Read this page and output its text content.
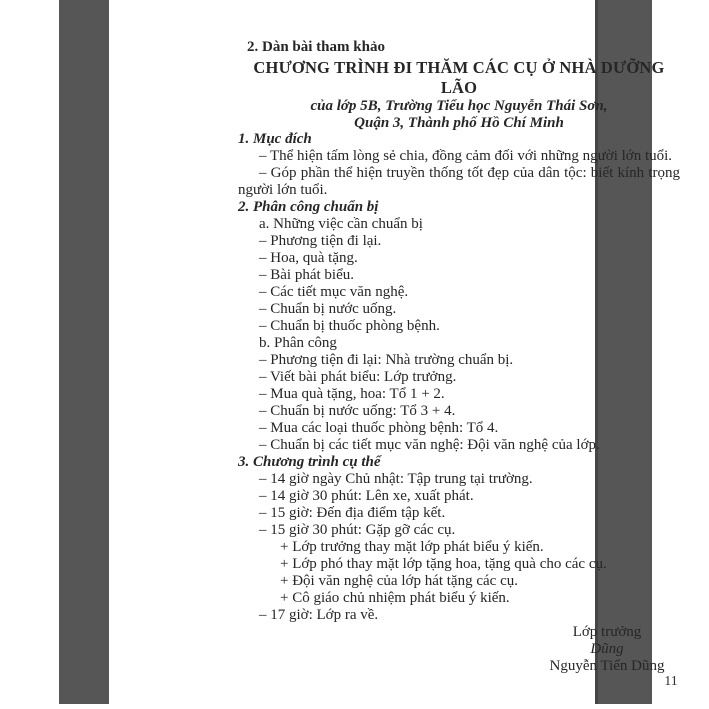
2. Dàn bài tham khảo
CHƯƠNG TRÌNH ĐI THĂM CÁC CỤ Ở NHÀ DƯỠNG LÃO
của lớp 5B, Trường Tiểu học Nguyễn Thái Sơn,
Quận 3, Thành phố Hồ Chí Minh
1. Mục đích
– Thể hiện tấm lòng sẻ chia, đồng cảm đối với những người lớn tuổi.
– Góp phần thể hiện truyền thống tốt đẹp của dân tộc: biết kính trọng
người lớn tuổi.
2. Phân công chuẩn bị
a. Những việc cần chuẩn bị
– Phương tiện đi lại.
– Hoa, quà tặng.
– Bài phát biểu.
– Các tiết mục văn nghệ.
– Chuẩn bị nước uống.
– Chuẩn bị thuốc phòng bệnh.
b. Phân công
– Phương tiện đi lại: Nhà trường chuẩn bị.
– Viết bài phát biểu: Lớp trưởng.
– Mua quà tặng, hoa: Tổ 1 + 2.
– Chuẩn bị nước uống: Tổ 3 + 4.
– Mua các loại thuốc phòng bệnh: Tổ 4.
– Chuẩn bị các tiết mục văn nghệ: Đội văn nghệ của lớp.
3. Chương trình cụ thể
– 14 giờ ngày Chủ nhật: Tập trung tại trường.
– 14 giờ 30 phút: Lên xe, xuất phát.
– 15 giờ: Đến địa điểm tập kết.
– 15 giờ 30 phút: Gặp gỡ các cụ.
+ Lớp trưởng thay mặt lớp phát biểu ý kiến.
+ Lớp phó thay mặt lớp tặng hoa, tặng quà cho các cụ.
+ Đội văn nghệ của lớp hát tặng các cụ.
+ Cô giáo chủ nhiệm phát biểu ý kiến.
– 17 giờ: Lớp ra về.
Lớp trưởng
Dũng
Nguyễn Tiến Dũng
11
